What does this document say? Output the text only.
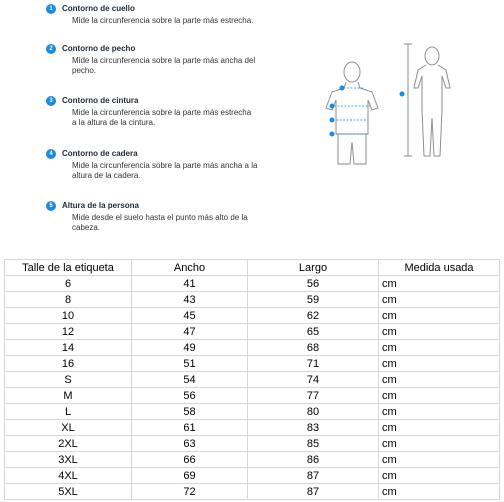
1	Contorno de cuello
Mide la circunferencia sobre la parte más estrecha.
2	Contorno de pecho
Mide la circunferencia sobre la parte más ancha del
pecho.
3	Contorno de cintura
Mide la circunferencia sobre la parte más estrecha
a la altura de la cintura.
4	Contorno de cadera
Mide la circunferencia sobre la parte más ancha a la
altura de la cadera.
5	Altura de la persona
Mide desde el suelo hasta el punto más alto de la
cabeza.
Talle de la etiqueta	Ancho	Largo	Medida usada
6	41	56	cm
8	43	59	cm
10	45	62	cm
12	47	65	cm
14	49	68	cm
16	51	71	cm
S	54	74	cm
M	56	77	cm
L	58	80	cm
XL	61	83	cm
2XL	63	85	cm
3XL	66	86	cm
4XL	69	87	cm
5XL	72	87	cm
